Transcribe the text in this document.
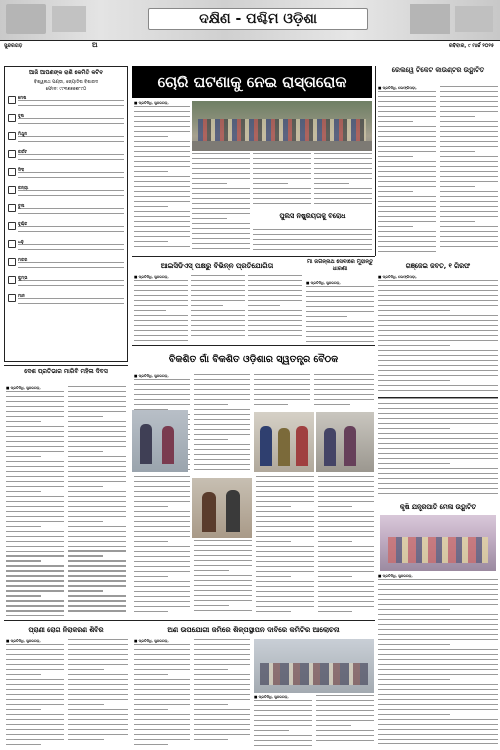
ଦକ୍ଷିଣ - ପଶ୍ଚିମ ଓଡ଼ିଶା
ସୁନ୍ଦରଗଡ଼	ଅ	ରବିବାର, ୯ ମାର୍ଚ୍ଚ ୨୦୨୫
ଆଜି ଆପଣଙ୍କ ରାଶି କେମିତି କଟିବ
ବିଶ୍ୱନାଥ ପଣ୍ଡା, ଜ୍ୟୋତିଷ ବିଶାରଦ
ଫୋନ: ୯୯୩୭୭୭୭୮୯୦
ମେଷ
ବୃଷ
ମିଥୁନ
କର୍କଟ
ସିଂହ
କନ୍ୟା
ତୁଳା
ବୃଶ୍ଚିକ
ଧନୁ
ମକର
କୁମ୍ଭ
ମୀନ
ଚୋରି ଘଟଣାକୁ ନେଇ ରାସ୍ତାରୋକ
■ ପ୍ରତିନିଧି, ସୁନ୍ଦରଗଡ଼,
ପୁଲିସ ନିଷ୍କ୍ରିୟତାକୁ ବିରୋଧ
ରେଲୱେ ଟିକେଟ କାଉଣ୍ଟର ଉଦ୍ଘାଟିତ
■ ପ୍ରତିନିଧି, ଲେଫ୍ରିପଡ଼ା,
ଆଇସିଡିଏସ୍ ପକ୍ଷରୁ ବିଭିନ୍ନ ପ୍ରତିଯୋଗିତା
■ ପ୍ରତିନିଧି, ସୁନ୍ଦରଗଡ଼,
ମା ଜଗନ୍ନାଥ ସେବାରେ ମୁହାନ୍ତୁ ଧାରଣା
■ ପ୍ରତିନିଧି, ସୁନ୍ଦରଗଡ଼,
ଗଞ୍ଜେଇ ଜବତ, ୧ ଗିରଫ
■ ପ୍ରତିନିଧି, ଲେଫ୍ରିପଡ଼ା,
ଦେଶ ପ୍ରତିଭାର ମାରିବି ମହିଳା ଦିବସ
■ ପ୍ରତିନିଧି, ସୁନ୍ଦରଗଡ଼,
ବିକଶିତ ଗାଁ ବିକଶିତ ଓଡ଼ିଶାର ସ୍ୱତନ୍ତ୍ର ବୈଠକ
■ ପ୍ରତିନିଧି, ସୁନ୍ଦରଗଡ଼,
କୃଷି ଯନ୍ତ୍ରପାତି ମେଳା ଉଦ୍ଘାଟିତ
■ ପ୍ରତିନିଧି, ସୁନ୍ଦରଗଡ଼,
ପ୍ରାଣୀ ରୋଗ ନିରାକରଣ ଶିବିର	ଅଣ ଉପଯୋଗୀ ଜମିରେ ଶିଳ୍ପସ୍ଥାପନ ଦାବିରେ କମିଟିର ଆଲୋଚନା
■ ପ୍ରତିନିଧି, ସୁନ୍ଦରଗଡ଼,	■ ପ୍ରତିନିଧି, ସୁନ୍ଦରଗଡ଼,
■ ପ୍ରତିନିଧି, ସୁନ୍ଦରଗଡ଼,
